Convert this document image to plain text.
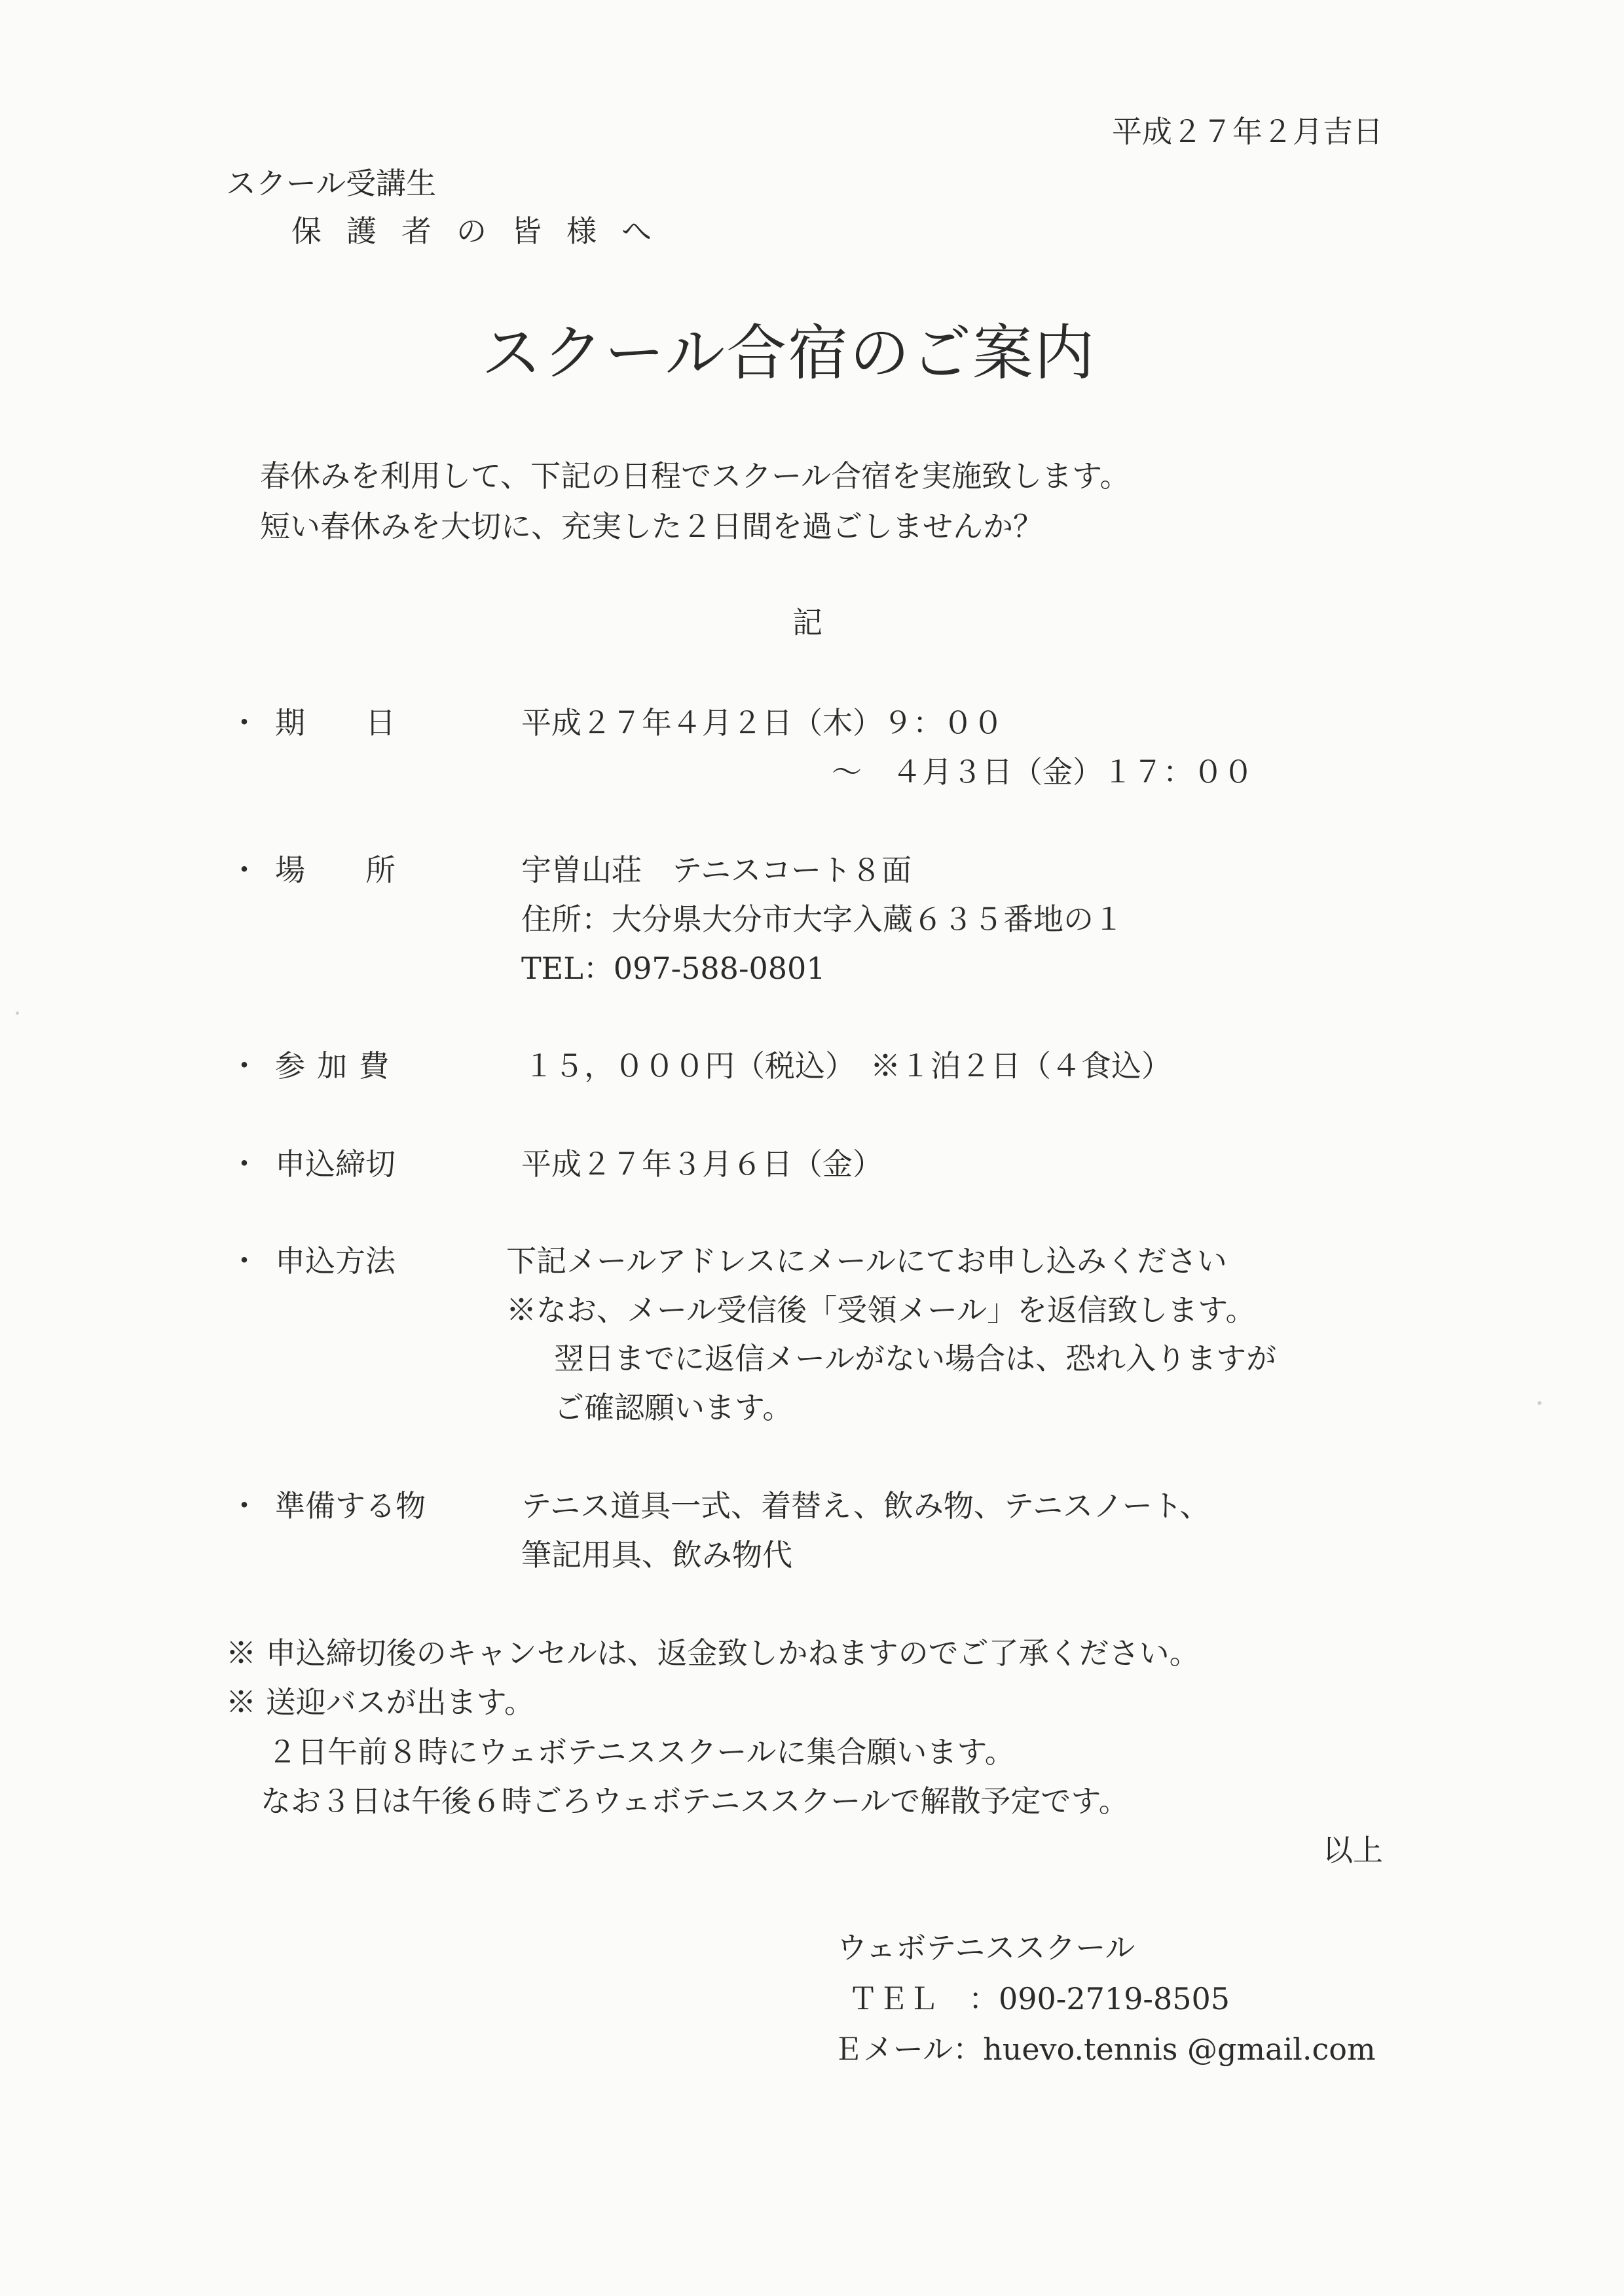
平成２７年２月吉日
スクール受講生
保護者の皆様へ
スクール合宿のご案内
春休みを利用して、下記の日程でスクール合宿を実施致します。
短い春休みを大切に、充実した２日間を過ごしませんか？
記
・ 期　　日	平成２７年４月２日（木）９：００
～　４月３日（金）１７：００
・ 場　　所	宇曽山荘　テニスコート８面
住所：大分県大分市大字入蔵６３５番地の１
TEL：097-588-0801
・ 参加費	１５，０００円（税込）　※１泊２日（４食込）
・ 申込締切	平成２７年３月６日（金）
・ 申込方法	下記メールアドレスにメールにてお申し込みください
※なお、メール受信後「受領メール」を返信致します。
翌日までに返信メールがない場合は、恐れ入りますが
ご確認願います。
・ 準備する物	テニス道具一式、着替え、飲み物、テニスノート、
筆記用具、飲み物代
※ 申込締切後のキャンセルは、返金致しかねますのでご了承ください。
※ 送迎バスが出ます。
２日午前８時にウェボテニススクールに集合願います。
なお３日は午後６時ごろウェボテニススクールで解散予定です。
以上
ウェボテニススクール
ＴＥＬ　：090-2719-8505
Ｅメール：huevo.tennis @gmail.com
